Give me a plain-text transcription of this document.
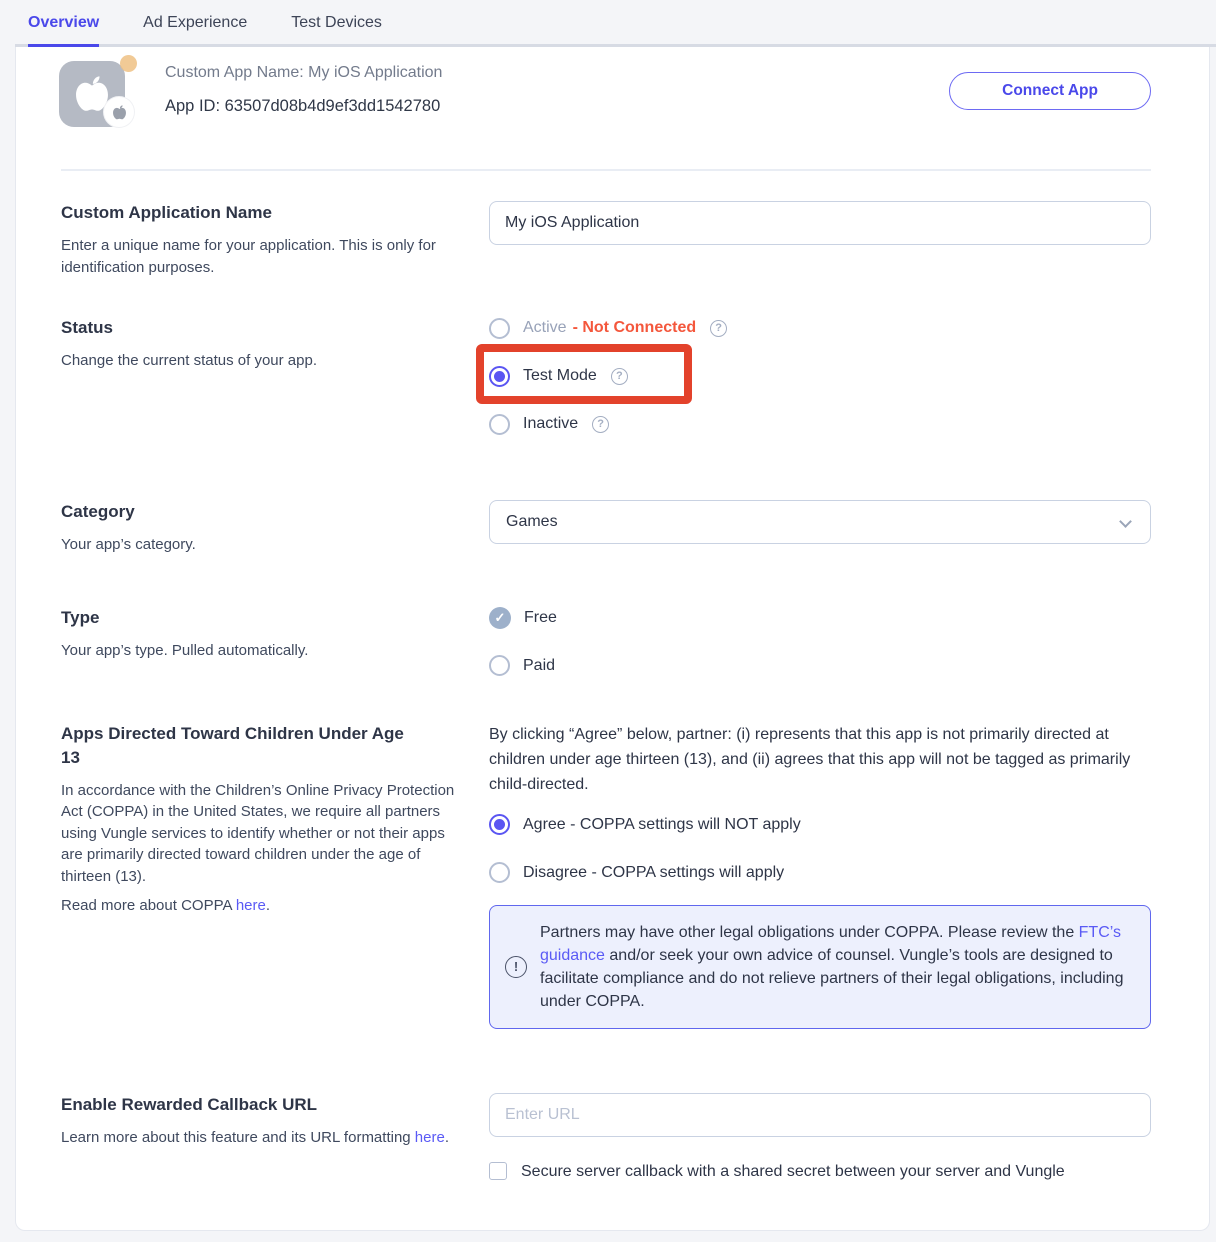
Overview	Ad Experience	Test Devices
Custom App Name: My iOS Application
App ID: 63507d08b4d9ef3dd1542780
Connect App
Custom Application Name

Enter a unique name for your application. This is only for identification purposes.

My iOS Application
Status

Change the current status of your app.

Active - Not Connected	?
Test Mode	?
Inactive	?
Category

Your app’s category.

Games
Type

Your app’s type. Pulled automatically.

✓	Free
Paid
Apps Directed Toward Children Under Age 13

In accordance with the Children’s Online Privacy Protection Act (COPPA) in the United States, we require all partners using Vungle services to identify whether or not their apps are primarily directed toward children under the age of thirteen (13).

Read more about COPPA here.

By clicking “Agree” below, partner: (i) represents that this app is not primarily directed at children under age thirteen (13), and (ii) agrees that this app will not be tagged as primarily child-directed.

Agree - COPPA settings will NOT apply
Disagree - COPPA settings will apply
!

Partners may have other legal obligations under COPPA. Please review the FTC’s guidance and/or seek your own advice of counsel. Vungle’s tools are designed to facilitate compliance and do not relieve partners of their legal obligations, including under COPPA.

Enable Rewarded Callback URL

Learn more about this feature and its URL formatting here.

Enter URL
Secure server callback with a shared secret between your server and Vungle
